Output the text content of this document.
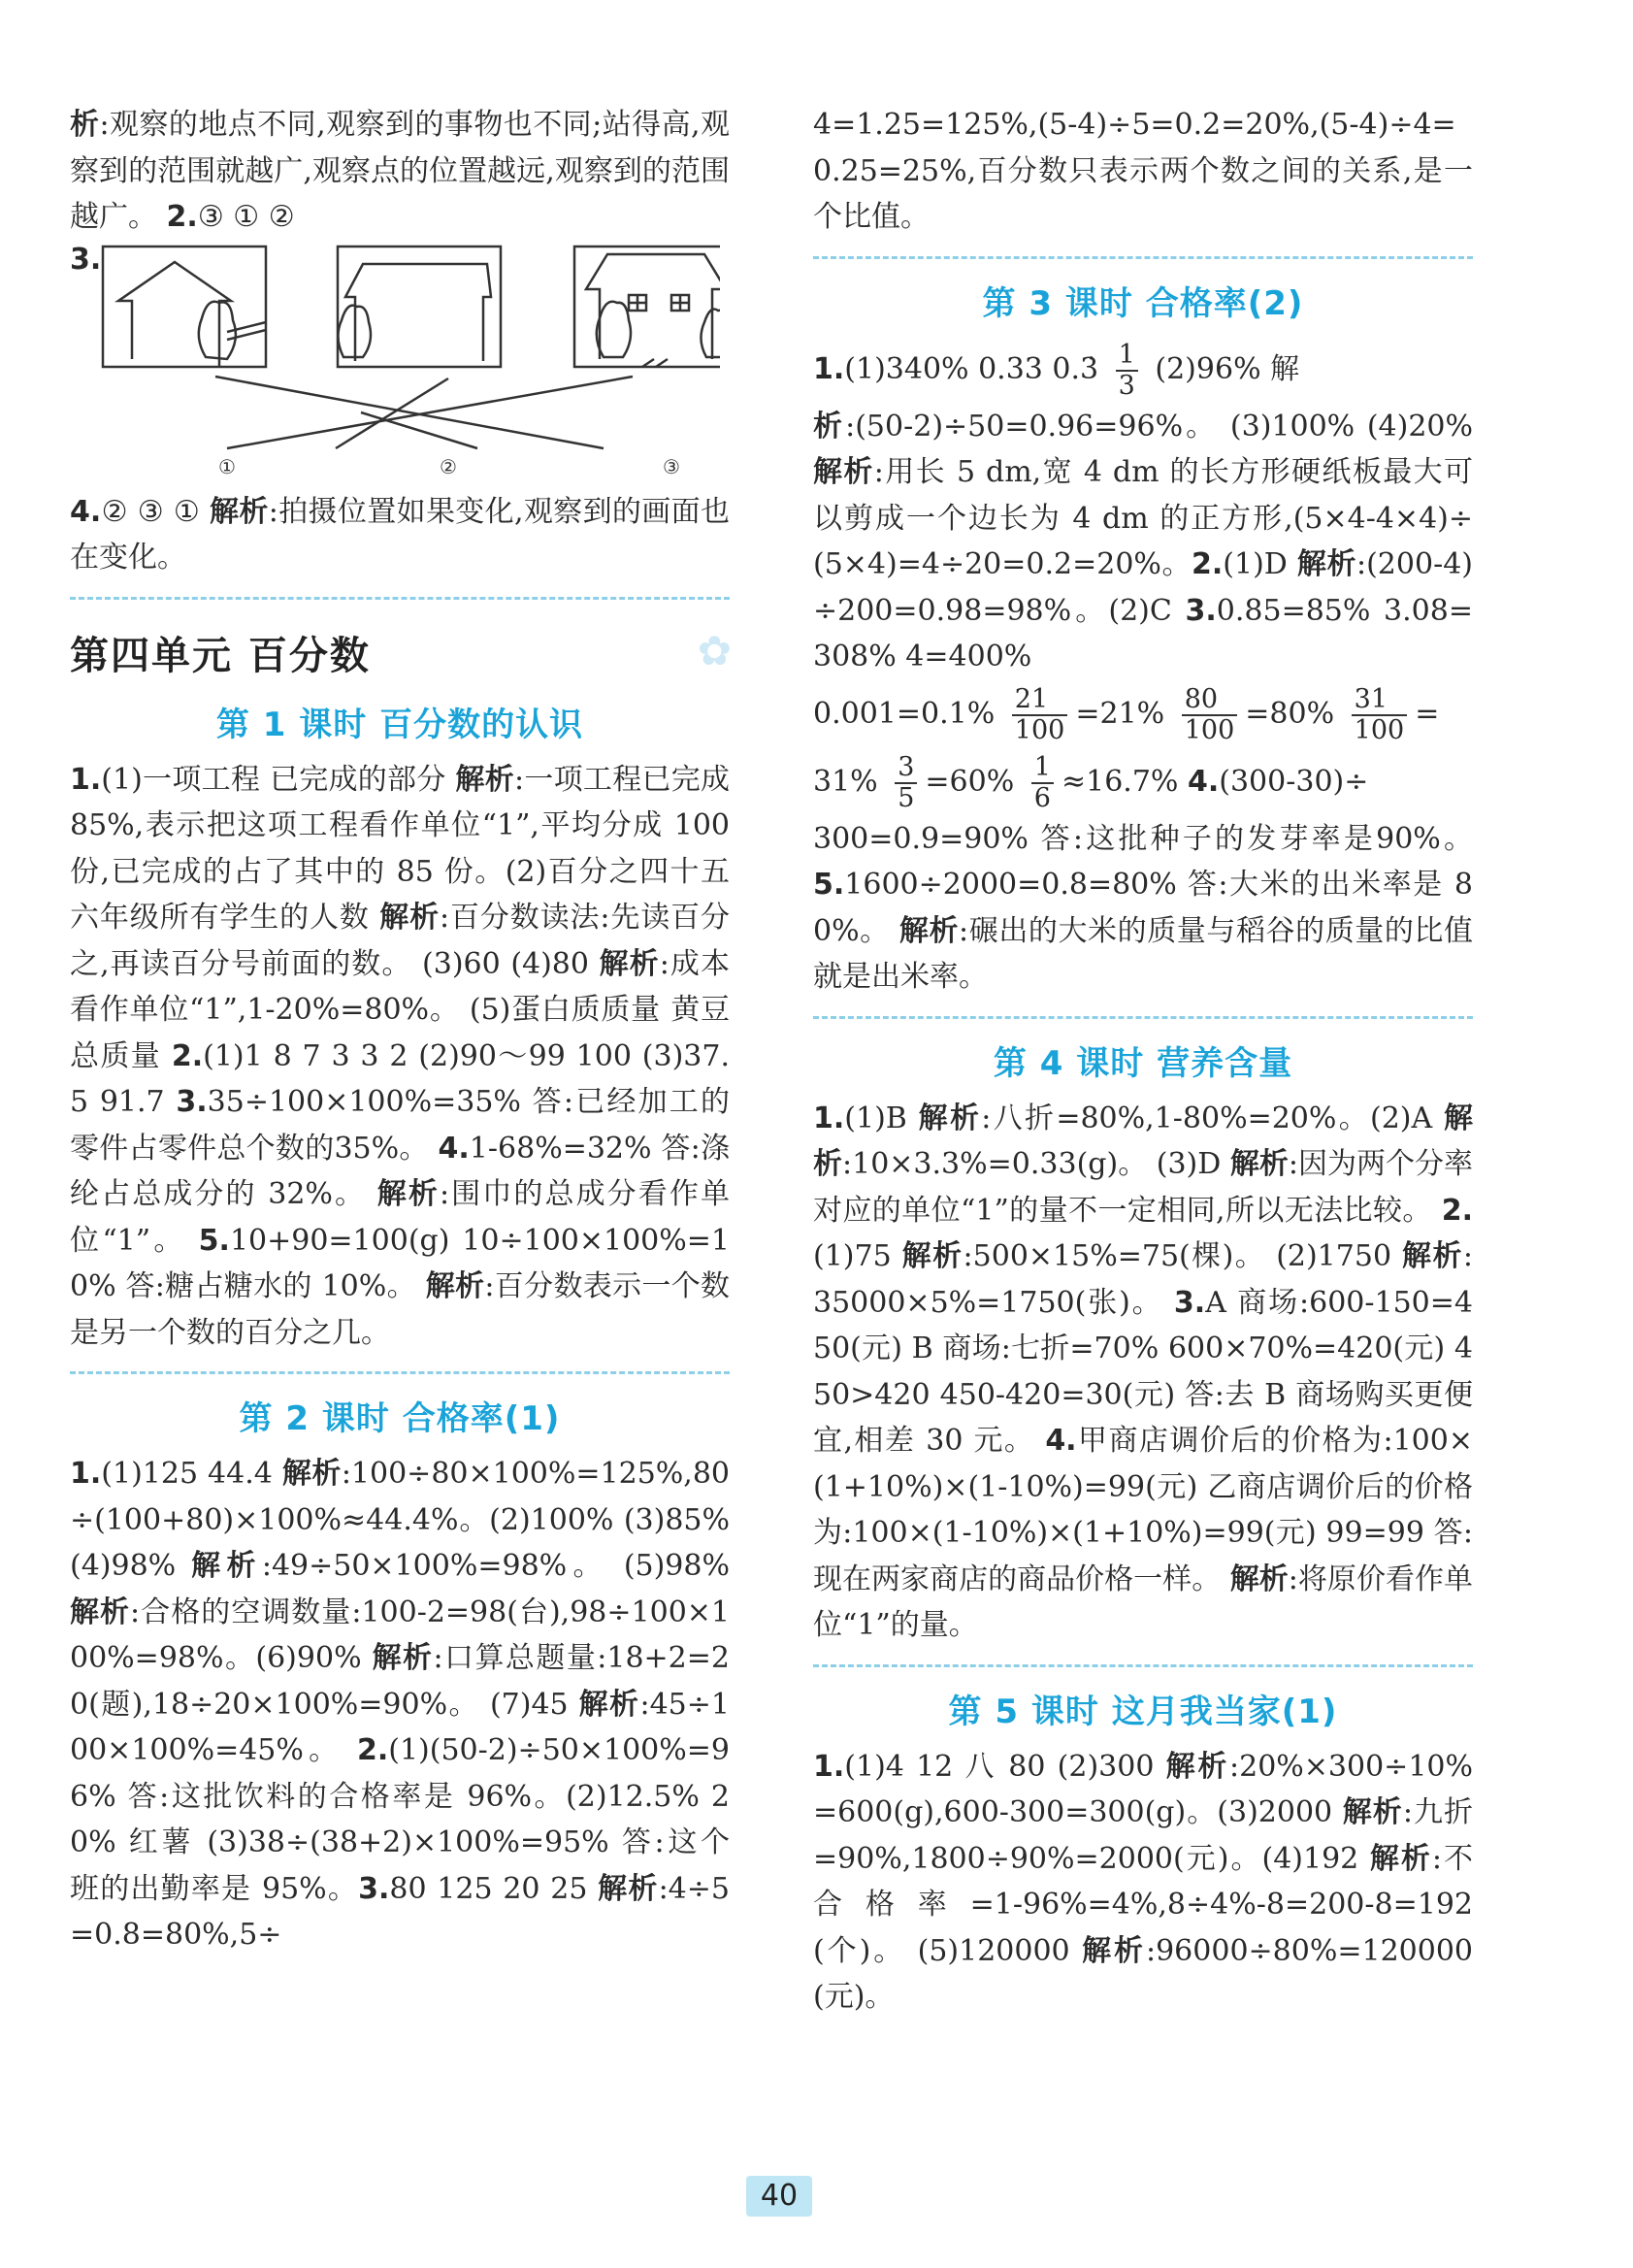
析:观察的地点不同,观察到的事物也不同;站得高,观察到的范围就越广,观察点的位置越远,观察到的范围越广。 2.③ ① ②

3.
①	②	③

4.② ③ ① 解析:拍摄位置如果变化,观察到的画面也在变化。

第四单元 百分数	✿
第 1 课时 百分数的认识

1.(1)一项工程 已完成的部分 解析:一项工程已完成 85%,表示把这项工程看作单位“1”,平均分成 100 份,已完成的占了其中的 85 份。(2)百分之四十五 六年级所有学生的人数 解析:百分数读法:先读百分之,再读百分号前面的数。 (3)60 (4)80 解析:成本看作单位“1”,1-20%=80%。 (5)蛋白质质量 黄豆总质量 2.(1)1 8 7 3 3 2 (2)90～99 100 (3)37.5 91.7 3.35÷100×100%=35% 答:已经加工的零件占零件总个数的35%。 4.1-68%=32% 答:涤纶占总成分的 32%。 解析:围巾的总成分看作单位“1”。 5.10+90=100(g) 10÷100×100%=10% 答:糖占糖水的 10%。 解析:百分数表示一个数是另一个数的百分之几。

第 2 课时 合格率(1)

1.(1)125 44.4 解析:100÷80×100%=125%,80÷(100+80)×100%≈44.4%。(2)100% (3)85% (4)98% 解析:49÷50×100%=98%。 (5)98% 解析:合格的空调数量:100-2=98(台),98÷100×100%=98%。(6)90% 解析:口算总题量:18+2=20(题),18÷20×100%=90%。 (7)45 解析:45÷100×100%=45%。 2.(1)(50-2)÷50×100%=96% 答:这批饮料的合格率是 96%。(2)12.5% 20% 红薯 (3)38÷(38+2)×100%=95% 答:这个班的出勤率是 95%。3.80 125 20 25 解析:4÷5=0.8=80%,5÷

4=1.25=125%,(5-4)÷5=0.2=20%,(5-4)÷4=0.25=25%,百分数只表示两个数之间的关系,是一个比值。

第 3 课时 合格率(2)

1.(1)340% 0.33 0.3̇ $\frac{1}{3} (2)96\%$ 解

析:(50-2)÷50=0.96=96%。 (3)100% (4)20% 解析:用长 5 dm,宽 4 dm 的长方形硬纸板最大可以剪成一个边长为 4 dm 的正方形,(5×4-4×4)÷(5×4)=4÷20=0.2=20%。2.(1)D 解析:(200-4)÷200=0.98=98%。(2)C 3.0.85=85% 3.08=308% 4=400%

$0.001=0.1\% \frac{21}{100} =21\% \frac{80}{100} =80\% \frac{31}{100}$ =

$31\% \frac{3}{5} =60\% \frac{1}{6} \approx 16.7\%$ 4.(300-30)÷

300=0.9=90% 答:这批种子的发芽率是90%。 5.1600÷2000=0.8=80% 答:大米的出米率是 80%。 解析:碾出的大米的质量与稻谷的质量的比值就是出米率。

第 4 课时 营养含量

1.(1)B 解析:八折=80%,1-80%=20%。(2)A 解析:10×3.3%=0.33(g)。 (3)D 解析:因为两个分率对应的单位“1”的量不一定相同,所以无法比较。 2.(1)75 解析:500×15%=75(棵)。 (2)1750 解析:35000×5%=1750(张)。 3.A 商场:600-150=450(元) B 商场:七折=70% 600×70%=420(元) 450>420 450-420=30(元) 答:去 B 商场购买更便宜,相差 30 元。 4.甲商店调价后的价格为:100×(1+10%)×(1-10%)=99(元) 乙商店调价后的价格为:100×(1-10%)×(1+10%)=99(元) 99=99 答:现在两家商店的商品价格一样。 解析:将原价看作单位“1”的量。

第 5 课时 这月我当家(1)

1.(1)4 12 八 80 (2)300 解析:20%×300÷10%=600(g),600-300=300(g)。(3)2000 解析:九折=90%,1800÷90%=2000(元)。(4)192 解析:不合格率=1-96%=4%,8÷4%-8=200-8=192(个)。 (5)120000 解析:96000÷80%=120000(元)。

40
